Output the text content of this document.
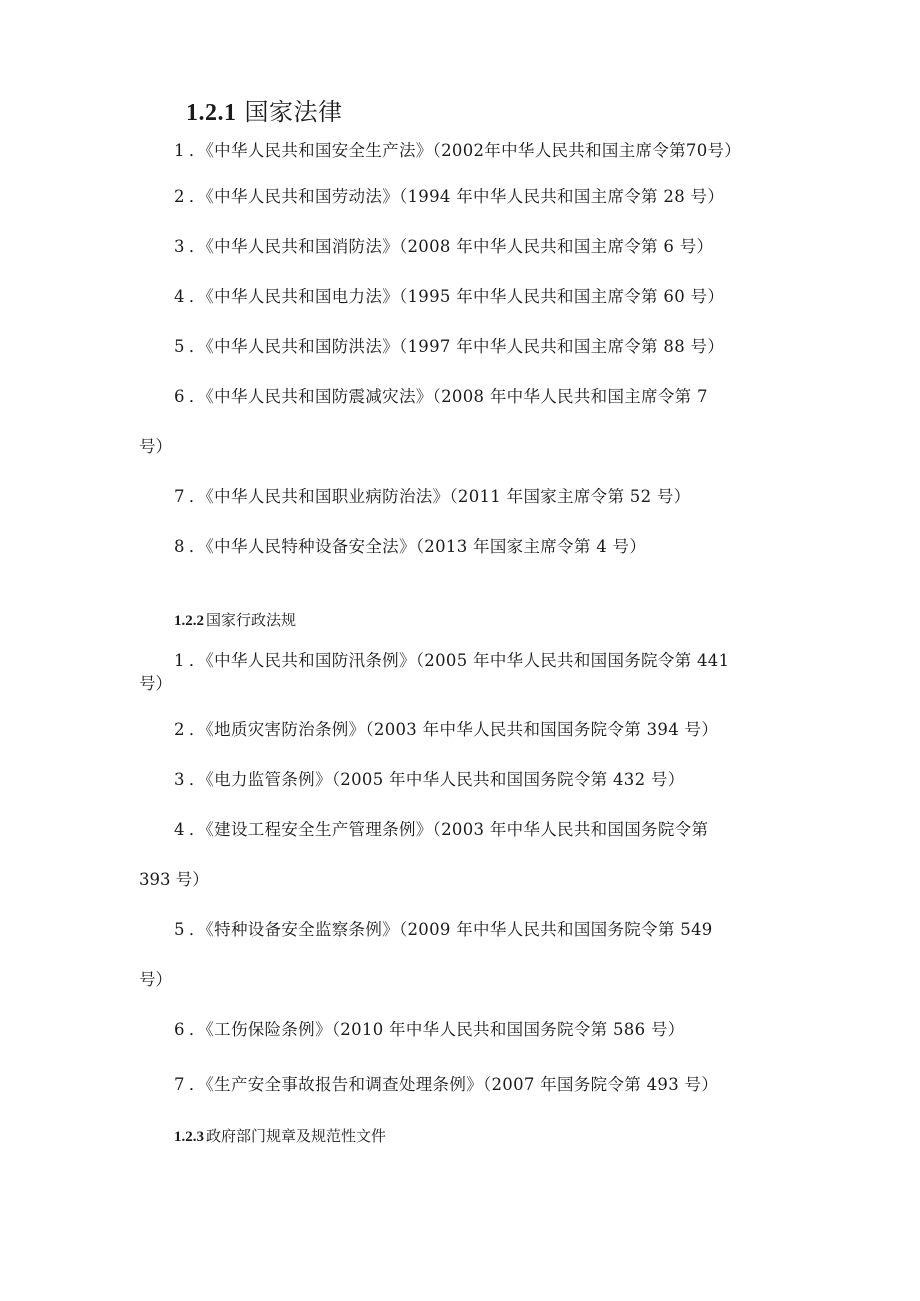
1.2.1 国家法律
1 ．《中华人民共和国安全生产法》（2002年中华人民共和国主席令第70号）
2 ．《中华人民共和国劳动法》（1994 年中华人民共和国主席令第 28 号）
3 ．《中华人民共和国消防法》（2008 年中华人民共和国主席令第 6 号）
4 ．《中华人民共和国电力法》（1995 年中华人民共和国主席令第 60 号）
5 ．《中华人民共和国防洪法》（1997 年中华人民共和国主席令第 88 号）
6 ．《中华人民共和国防震减灾法》（2008 年中华人民共和国主席令第 7
号）
7 ．《中华人民共和国职业病防治法》（2011 年国家主席令第 52 号）
8 ．《中华人民特种设备安全法》（2013 年国家主席令第 4 号）
1.2.2 国家行政法规
1 ．《中华人民共和国防汛条例》（2005 年中华人民共和国国务院令第 441
号）
2 ．《地质灾害防治条例》（2003 年中华人民共和国国务院令第 394 号）
3 ．《电力监管条例》（2005 年中华人民共和国国务院令第 432 号）
4 ．《建设工程安全生产管理条例》（2003 年中华人民共和国国务院令第
393 号）
5 ．《特种设备安全监察条例》（2009 年中华人民共和国国务院令第 549
号）
6 ．《工伤保险条例》（2010 年中华人民共和国国务院令第 586 号）
7 ．《生产安全事故报告和调查处理条例》（2007 年国务院令第 493 号）
1.2.3 政府部门规章及规范性文件
